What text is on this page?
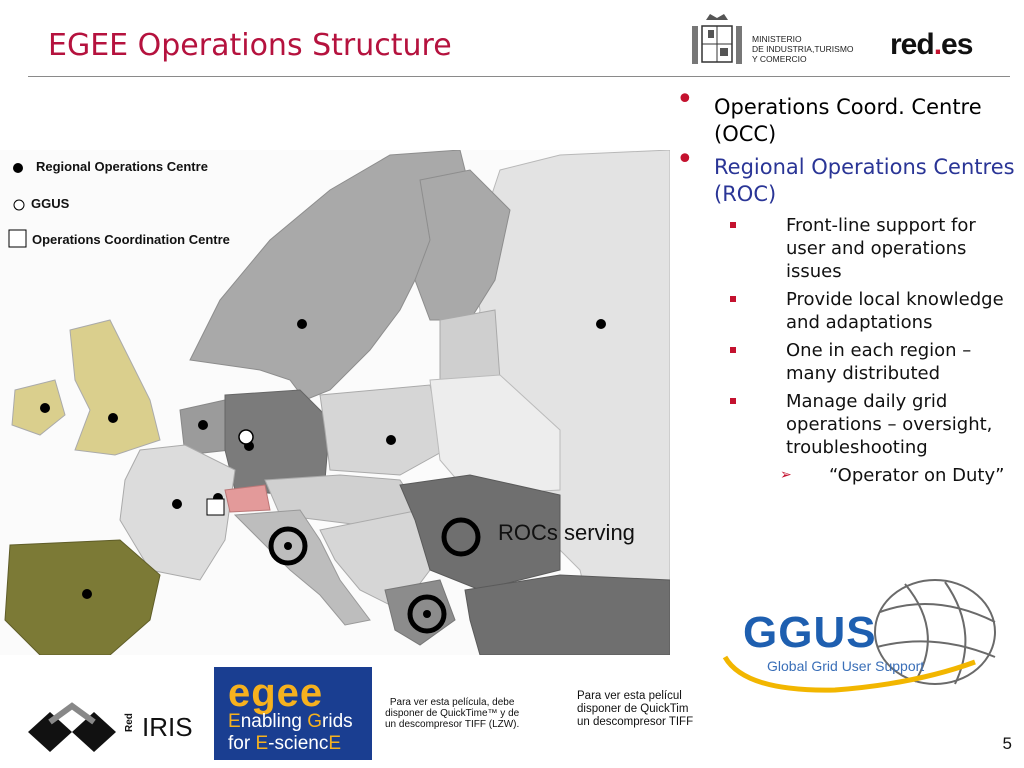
EGEE Operations Structure	MINISTERIO
DE INDUSTRIA,TURISMO
Y COMERCIO	red.es
Regional Operations Centre
GGUS
Operations Coordination Centre
ROCs serving
• Operations Coord. Centre (OCC)
• Regional Operations Centres (ROC)
Front-line support for user and operations issues
Provide local knowledge and adaptations
One in each region – many distributed
Manage daily grid operations – oversight, troubleshooting
➢ “Operator on Duty”
GGUS
Global Grid User Support
Red IRIS
egee
Enabling Grids
for E-sciencE
Para ver esta película, debe
disponer de QuickTime™ y de
un descompresor TIFF (LZW).
Para ver esta películ
disponer de QuickTim
un descompresor TIFF
5
